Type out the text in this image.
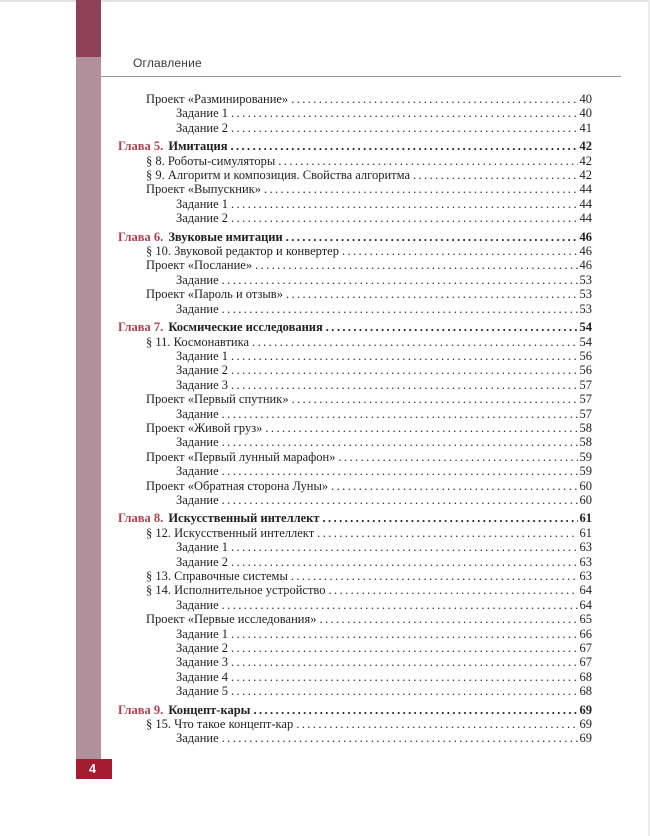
Оглавление
Проект «Разминирование» .....	40
Задание 1 .....	40
Задание 2 .....	41
Глава 5. Имитация .....	42
§ 8. Роботы-симуляторы .....	42
§ 9. Алгоритм и композиция. Свойства алгоритма .....	42
Проект «Выпускник» .....	44
Задание 1 .....	44
Задание 2 .....	44
Глава 6. Звуковые имитации .....	46
§ 10. Звуковой редактор и конвертер .....	46
Проект «Послание» .....	46
Задание .....	53
Проект «Пароль и отзыв» .....	53
Задание .....	53
Глава 7. Космические исследования .....	54
§ 11. Космонавтика .....	54
Задание 1 .....	56
Задание 2 .....	56
Задание 3 .....	57
Проект «Первый спутник» .....	57
Задание .....	57
Проект «Живой груз» .....	58
Задание .....	58
Проект «Первый лунный марафон» .....	59
Задание .....	59
Проект «Обратная сторона Луны» .....	60
Задание .....	60
Глава 8. Искусственный интеллект .....	61
§ 12. Искусственный интеллект .....	61
Задание 1 .....	63
Задание 2 .....	63
§ 13. Справочные системы .....	63
§ 14. Исполнительное устройство .....	64
Задание .....	64
Проект «Первые исследования» .....	65
Задание 1 .....	66
Задание 2 .....	67
Задание 3 .....	67
Задание 4 .....	68
Задание 5 .....	68
Глава 9. Концепт-кары .....	69
§ 15. Что такое концепт-кар .....	69
Задание .....	69
4
